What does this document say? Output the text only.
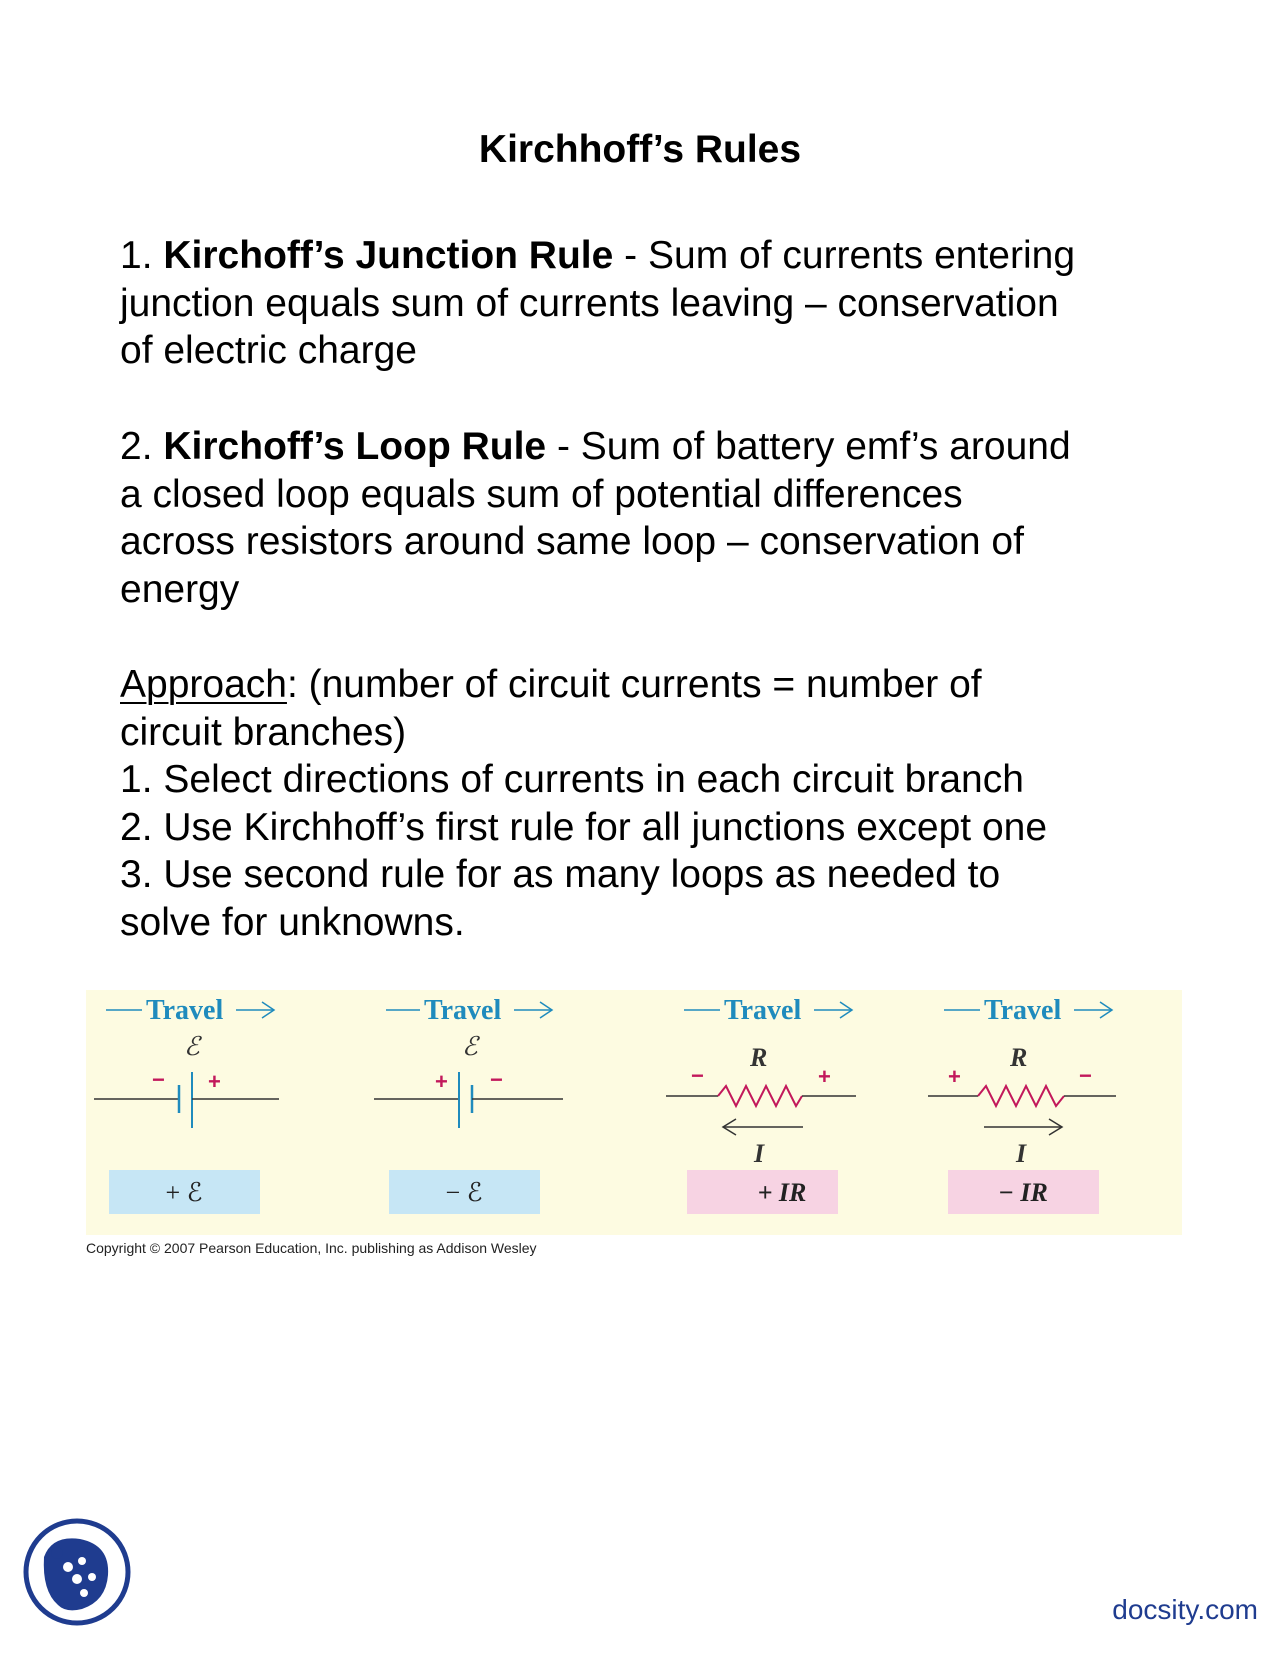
Kirchhoff’s Rules
1. Kirchoff’s Junction Rule - Sum of currents entering
junction equals sum of currents leaving – conservation
of electric charge
2. Kirchoff’s Loop Rule - Sum of battery emf’s around
a closed loop equals sum of potential differences
across resistors around same loop – conservation of
energy
Approach: (number of circuit currents = number of
circuit branches)
1. Select directions of currents in each circuit branch
2. Use Kirchhoff’s first rule for all junctions except one
3. Use second rule for as many loops as needed to
solve for unknowns.
Travel
ℰ
− +
+ ℰ
Travel
ℰ
+ −
− ℰ
Travel
R
−	+
I
+ IR
Travel
R
+	−
I
− IR
Copyright © 2007 Pearson Education, Inc. publishing as Addison Wesley
docsity.com
